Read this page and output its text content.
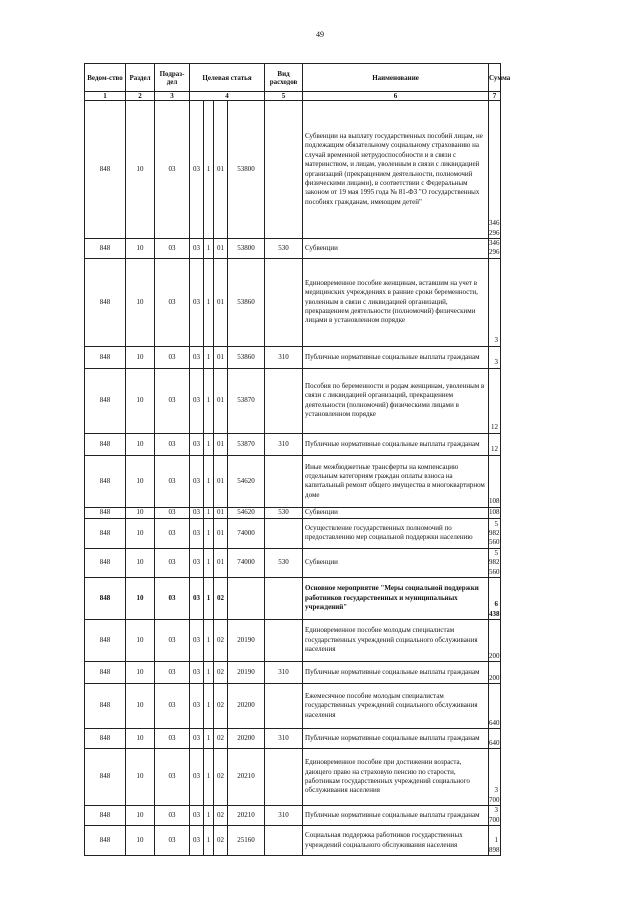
49
Ведом-ство	Раздел	Подраз-дел	Целевая статья				Вид расходов	Наименование	Сумма
1	2	3	4				5	6	7
848	10	03	03	1	01	53800		Субвенции на выплату государственных пособий лицам, не подлежащим обязательному социальному страхованию на случай временной нетрудоспособности и в связи с материнством, и лицам, уволенным в связи с ликвидацией организаций (прекращением деятельности, полномочий физическими лицами), в соответствии с Федеральным законом от 19 мая 1995 года № 81-ФЗ "О государственных пособиях гражданам, имеющим детей"	346 296
848	10	03	03	1	01	53800	530	Субвенции	346 296
848	10	03	03	1	01	53860		Единовременное пособие женщинам, вставшим на учет в медицинских учреждениях в ранние сроки беременности, уволенным в связи с ликвидацией организаций, прекращением деятельности (полномочий) физическими лицами в установленном порядке	3
848	10	03	03	1	01	53860	310	Публичные нормативные социальные выплаты гражданам	3
848	10	03	03	1	01	53870		Пособия по беременности и родам женщинам, уволенным в связи с ликвидацией организаций, прекращением деятельности (полномочий) физическими лицами в установленном порядке	12
848	10	03	03	1	01	53870	310	Публичные нормативные социальные выплаты гражданам	12
848	10	03	03	1	01	54620		Иные межбюджетные трансферты на компенсацию отдельным категориям граждан оплаты взноса на капитальный ремонт общего имущества в многоквартирном доме	108
848	10	03	03	1	01	54620	530	Субвенции	108
848	10	03	03	1	01	74000		Осуществление государственных полномочий по предоставлению мер социальной поддержки населению	5 982 560
848	10	03	03	1	01	74000	530	Субвенции	5 982 560
848	10	03	03	1	02			Основное мероприятие "Меры социальной поддержки работников государственных и муниципальных учреждений"	6 438
848	10	03	03	1	02	20190		Единовременное пособие молодым специалистам государственных учреждений социального обслуживания населения	200
848	10	03	03	1	02	20190	310	Публичные нормативные социальные выплаты гражданам	200
848	10	03	03	1	02	20200		Ежемесячное пособие молодым специалистам государственных учреждений социального обслуживания населения	640
848	10	03	03	1	02	20200	310	Публичные нормативные социальные выплаты гражданам	640
848	10	03	03	1	02	20210		Единовременное пособие при достижении возраста, дающего право на страховую пенсию по старости, работникам государственных учреждений социального обслуживания населения	3 700
848	10	03	03	1	02	20210	310	Публичные нормативные социальные выплаты гражданам	3 700
848	10	03	03	1	02	25160		Социальная поддержка работников государственных учреждений социального обслуживания населения	1 898
